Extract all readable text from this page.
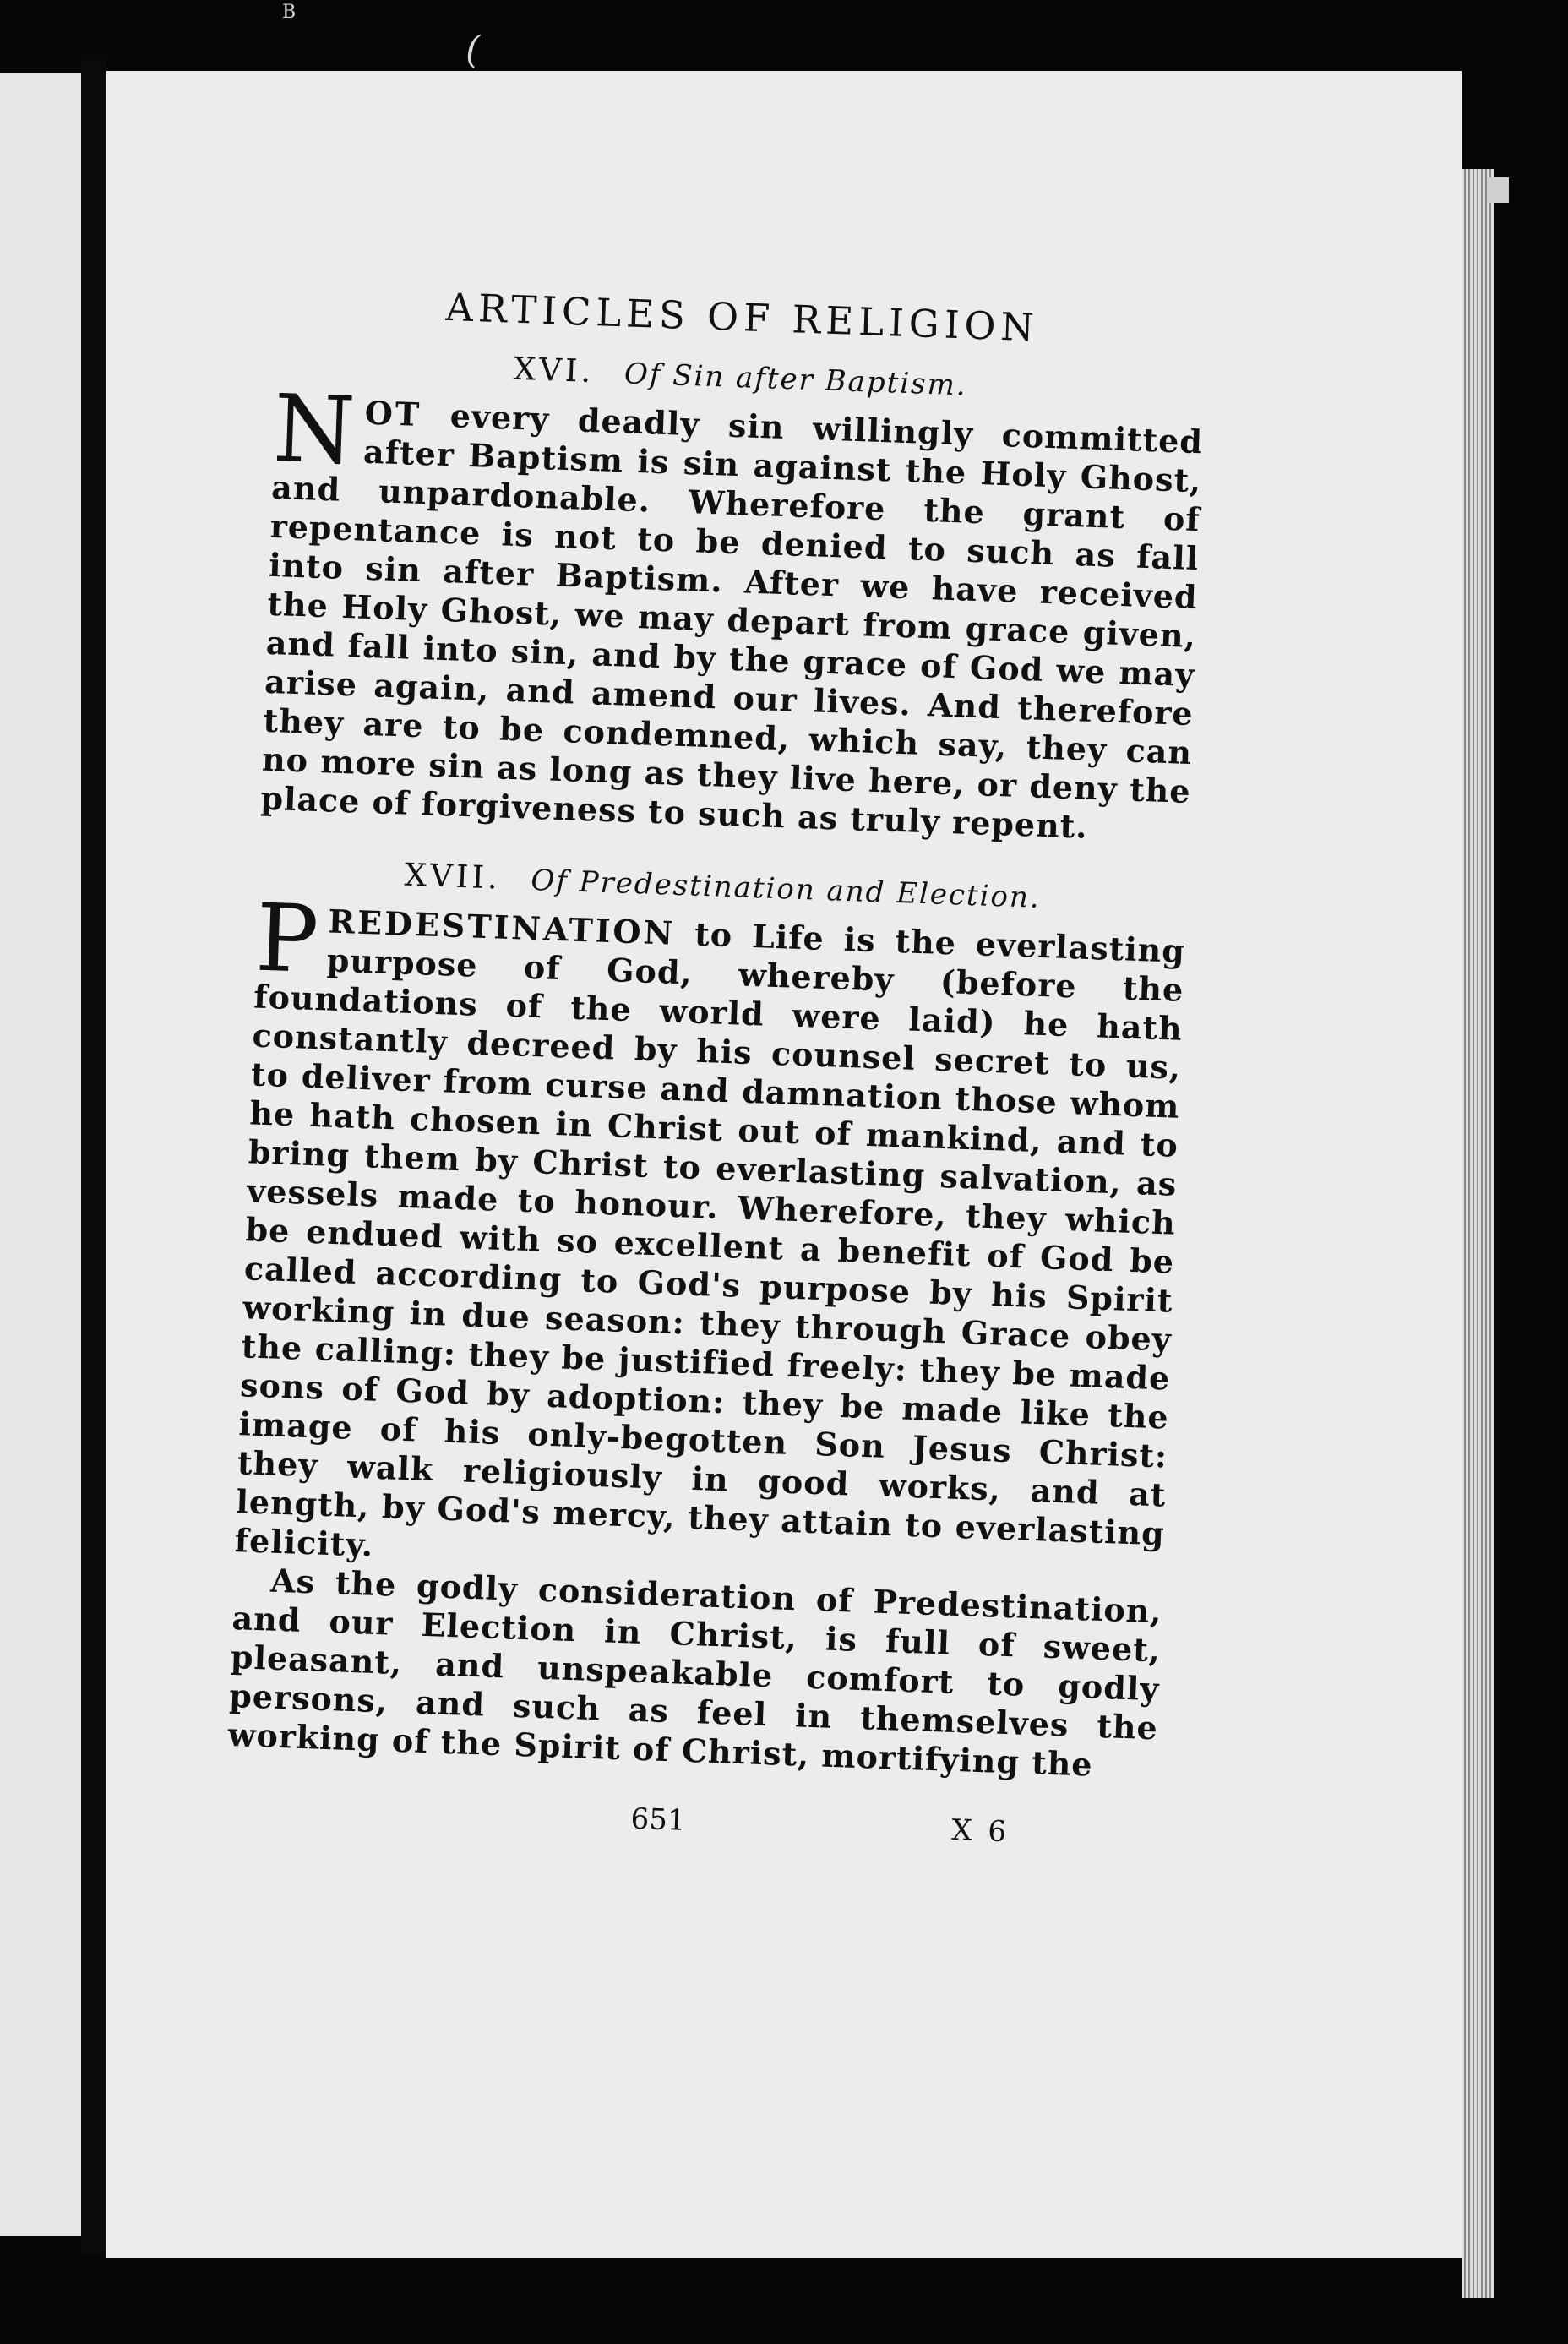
B
(
ARTICLES OF RELIGION
XVI. Of Sin after Baptism.

N OT every deadly sin willingly committed after Baptism is sin against the Holy Ghost, and unpardonable. Wherefore the grant of repentance is not to be denied to such as fall into sin after Baptism. After we have received the Holy Ghost, we may depart from grace given, and fall into sin, and by the grace of God we may arise again, and amend our lives. And therefore they are to be condemned, which say, they can no more sin as long as they live here, or deny the place of forgiveness to such as truly repent.

XVII. Of Predestination and Election.

P REDESTINATION to Life is the everlasting purpose of God, whereby (before the foundations of the world were laid) he hath constantly decreed by his counsel secret to us, to deliver from curse and damnation those whom he hath chosen in Christ out of mankind, and to bring them by Christ to everlasting salvation, as vessels made to honour. Wherefore, they which be endued with so excellent a benefit of God be called according to God's purpose by his Spirit working in due season: they through Grace obey the calling: they be justified freely: they be made sons of God by adoption: they be made like the image of his only-begotten Son Jesus Christ: they walk religiously in good works, and at length, by God's mercy, they attain to everlasting felicity.

As the godly consideration of Predestination, and our Election in Christ, is full of sweet, pleasant, and unspeakable comfort to godly persons, and such as feel in themselves the working of the Spirit of Christ, mortifying the

651	X 6
